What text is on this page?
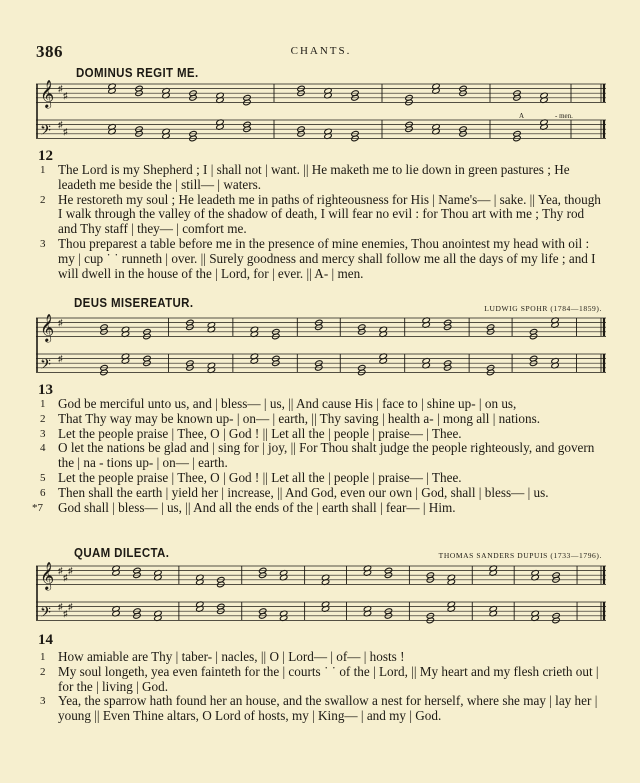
386	CHANTS.
DOMINUS REGIT ME.
𝄞 ♯
♯
𝄢 ♯
♯
A	- men.
12
1 The Lord is my Shepherd ; I | shall not | want. || He maketh me to lie down in green pastures ; He leadeth me beside the | still— | waters.
2 He restoreth my soul ; He leadeth me in paths of righteousness for His | Name's— | sake. || Yea, though I walk through the valley of the shadow of death, I will fear no evil : for Thou art with me ; Thy rod and Thy staff | they— | comfort me.
3 Thou preparest a table before me in the presence of mine enemies, Thou anointest my head with oil : my | cup ˙ ˙ runneth | over. || Surely goodness and mercy shall follow me all the days of my life ; and I will dwell in the house of the | Lord, for | ever. || A- | men.
DEUS MISEREATUR.	LUDWIG SPOHR (1784—1859).
𝄞 ♯
𝄢 ♯
13
1 God be merciful unto us, and | bless— | us, || And cause His | face to | shine up- | on us,
2 That Thy way may be known up- | on— | earth, || Thy saving | health a- | mong all | nations.
3 Let the people praise | Thee, O | God ! || Let all the | people | praise— | Thee.
4 O let the nations be glad and | sing for | joy, || For Thou shalt judge the people righteously, and govern the | na - tions up- | on— | earth.
5 Let the people praise | Thee, O | God ! || Let all the | people | praise— | Thee.
6 Then shall the earth | yield her | increase, || And God, even our own | God, shall | bless— | us.
*7 God shall | bless— | us, || And all the ends of the | earth shall | fear— | Him.
QUAM DILECTA.	THOMAS SANDERS DUPUIS (1733—1796).
𝄞 ♯
♯
♯
𝄢 ♯
♯
♯
14
1 How amiable are Thy | taber- | nacles, || O | Lord— | of— | hosts !
2 My soul longeth, yea even fainteth for the | courts ˙ ˙ of the | Lord, || My heart and my flesh crieth out | for the | living | God.
3 Yea, the sparrow hath found her an house, and the swallow a nest for herself, where she may | lay her | young || Even Thine altars, O Lord of hosts, my | King— | and my | God.
